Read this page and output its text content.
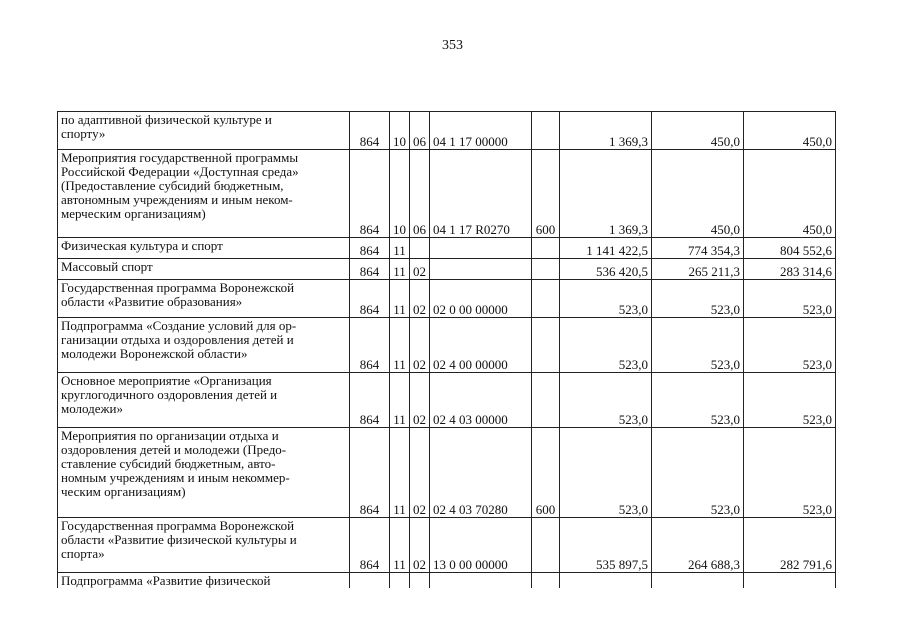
353
по адаптивной физической культуре и
спорту»	864	10	06	04 1 17 00000		1 369,3	450,0	450,0
Мероприятия государственной программы
Российской Федерации «Доступная среда»
(Предоставление субсидий бюджетным,
автономным учреждениям и иным неком-
мерческим организациям)	864	10	06	04 1 17 R0270	600	1 369,3	450,0	450,0
Физическая культура и спорт	864	11				1 141 422,5	774 354,3	804 552,6
Массовый спорт	864	11	02			536 420,5	265 211,3	283 314,6
Государственная программа Воронежской
области «Развитие образования»	864	11	02	02 0 00 00000		523,0	523,0	523,0
Подпрограмма «Создание условий для ор-
ганизации отдыха и оздоровления детей и
молодежи Воронежской области»	864	11	02	02 4 00 00000		523,0	523,0	523,0
Основное мероприятие «Организация
круглогодичного оздоровления детей и
молодежи»	864	11	02	02 4 03 00000		523,0	523,0	523,0
Мероприятия по организации отдыха и
оздоровления детей и молодежи (Предо-
ставление субсидий бюджетным, авто-
номным учреждениям и иным некоммер-
ческим организациям)	864	11	02	02 4 03 70280	600	523,0	523,0	523,0
Государственная программа Воронежской
области «Развитие физической культуры и
спорта»	864	11	02	13 0 00 00000		535 897,5	264 688,3	282 791,6
Подпрограмма «Развитие физической								
